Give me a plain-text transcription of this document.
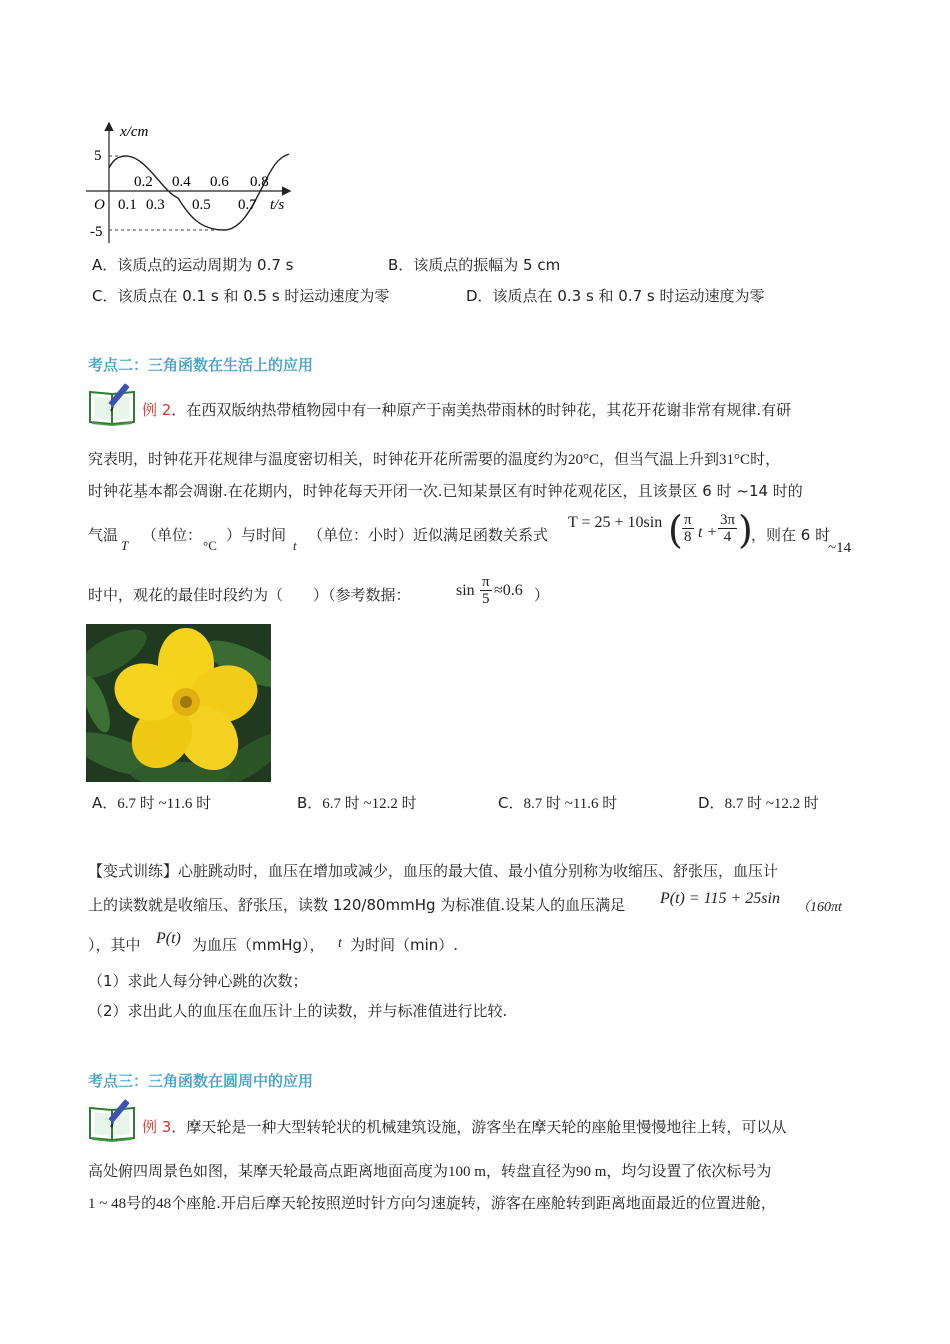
x/cm
5
-5
O
0.2 0.4 0.6 0.8
0.1 0.3 0.5 0.7 t/s
A．该质点的运动周期为 0.7 s	B．该质点的振幅为 5 cm
C．该质点在 0.1 s 和 0.5 s 时运动速度为零	D．该质点在 0.3 s 和 0.7 s 时运动速度为零
考点二：三角函数在生活上的应用
例 2．在西双版纳热带植物园中有一种原产于南美热带雨林的时钟花，其花开花谢非常有规律.有研
究表明，时钟花开花规律与温度密切相关，时钟花开花所需要的温度约为20°C，但当气温上升到31°C时，
时钟花基本都会凋谢.在花期内，时钟花每天开闭一次.已知某景区有时钟花观花区，且该景区 6 时 ~14 时的
气温
T
（单位：
°C
）与时间
t
（单位：小时）近似满足函数关系式
T = 25 + 10sin ( $\frac{\pi}{8}$ $t + \frac{3\pi}{4}$ )
，则在 6 时
~14
时中，观花的最佳时段约为（　　）（参考数据：	$\sin \frac{\pi}{5} \approx 0.6$ ）
A．6.7 时 ~11.6 时	B．6.7 时 ~12.2 时	C．8.7 时 ~11.6 时	D．8.7 时 ~12.2 时
【变式训练】心脏跳动时，血压在增加或减少，血压的最大值、最小值分别称为收缩压、舒张压，血压计
上的读数就是收缩压、舒张压，读数 120/80mmHg 为标准值.设某人的血压满足 P(t) = 115 + 25sin
（160πt
），其中 P(t) 为血压（mmHg）， t 为时间（min）.
（1）求此人每分钟心跳的次数；
（2）求出此人的血压在血压计上的读数，并与标准值进行比较.
考点三：三角函数在圆周中的应用
例 3．摩天轮是一种大型转轮状的机械建筑设施，游客坐在摩天轮的座舱里慢慢地往上转，可以从
高处俯四周景色如图，某摩天轮最高点距离地面高度为100 m，转盘直径为90 m，均匀设置了依次标号为
1 ~ 48号的48个座舱.开启后摩天轮按照逆时针方向匀速旋转，游客在座舱转到距离地面最近的位置进舱，
